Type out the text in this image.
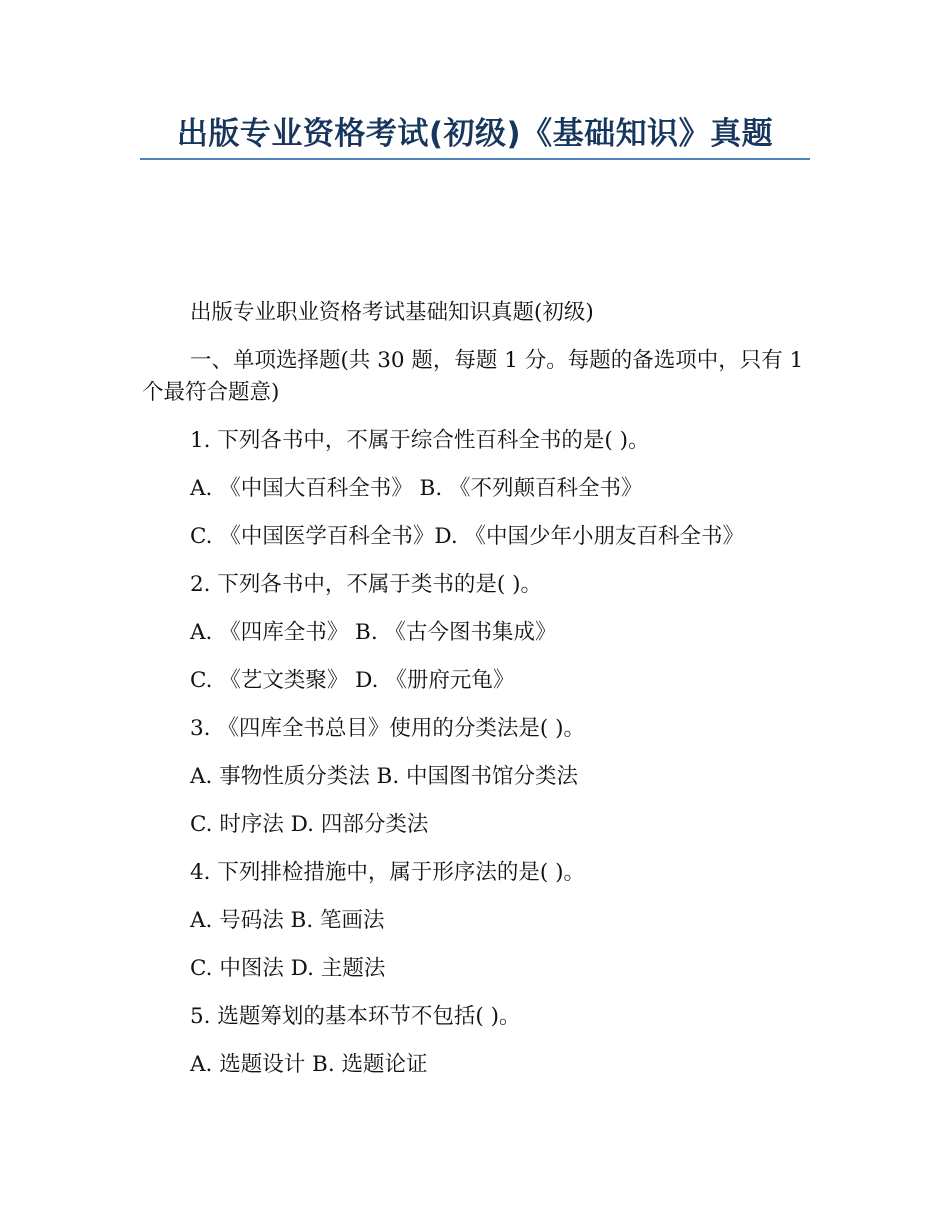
出版专业资格考试(初级)《基础知识》真题

出版专业职业资格考试基础知识真题(初级)

一、单项选择题(共 30 题，每题 1 分。每题的备选项中，只有 1 个最符合题意)

1. 下列各书中，不属于综合性百科全书的是( )。

A. 《中国大百科全书》 B. 《不列颠百科全书》

C. 《中国医学百科全书》D. 《中国少年小朋友百科全书》

2. 下列各书中，不属于类书的是( )。

A. 《四库全书》 B. 《古今图书集成》

C. 《艺文类聚》 D. 《册府元龟》

3. 《四库全书总目》使用的分类法是( )。

A. 事物性质分类法 B. 中国图书馆分类法

C. 时序法 D. 四部分类法

4. 下列排检措施中，属于形序法的是( )。

A. 号码法 B. 笔画法

C. 中图法 D. 主题法

5. 选题筹划的基本环节不包括( )。

A. 选题设计 B. 选题论证
